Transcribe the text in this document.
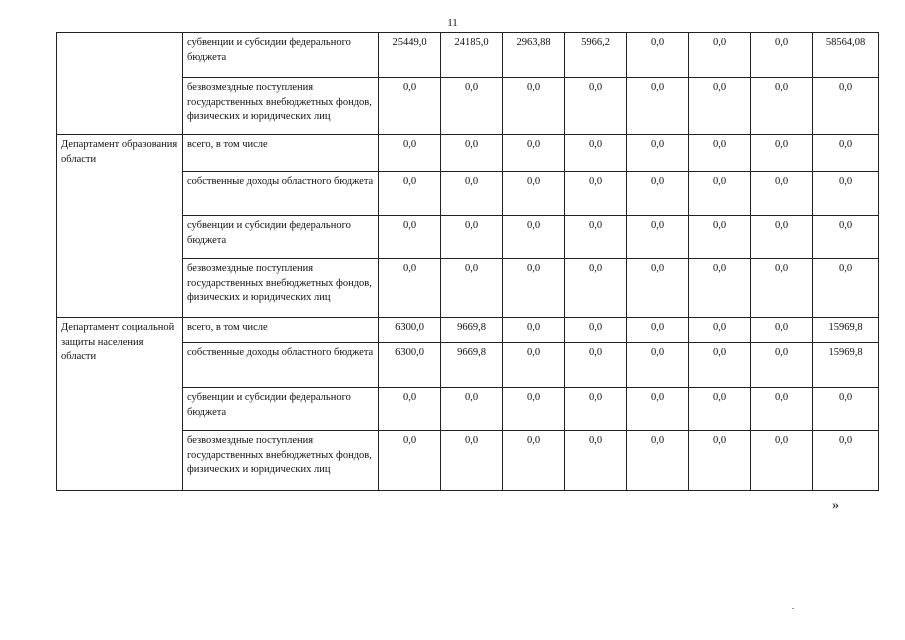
11
	субвенции и субсидии федерального бюджета	25449,0	24185,0	2963,88	5966,2	0,0	0,0	0,0	58564,08
	безвозмездные поступления государственных внебюджетных фондов, физических и юридических лиц	0,0	0,0	0,0	0,0	0,0	0,0	0,0	0,0
Департамент образования области	всего, в том числе	0,0	0,0	0,0	0,0	0,0	0,0	0,0	0,0
	собственные доходы областного бюджета	0,0	0,0	0,0	0,0	0,0	0,0	0,0	0,0
	субвенции и субсидии федерального бюджета	0,0	0,0	0,0	0,0	0,0	0,0	0,0	0,0
	безвозмездные поступления государственных внебюджетных фондов, физических и юридических лиц	0,0	0,0	0,0	0,0	0,0	0,0	0,0	0,0
Департамент социальной защиты населения области	всего, в том числе	6300,0	9669,8	0,0	0,0	0,0	0,0	0,0	15969,8
	собственные доходы областного бюджета	6300,0	9669,8	0,0	0,0	0,0	0,0	0,0	15969,8
	субвенции и субсидии федерального бюджета	0,0	0,0	0,0	0,0	0,0	0,0	0,0	0,0
	безвозмездные поступления государственных внебюджетных фондов, физических и юридических лиц	0,0	0,0	0,0	0,0	0,0	0,0	0,0	0,0
»
